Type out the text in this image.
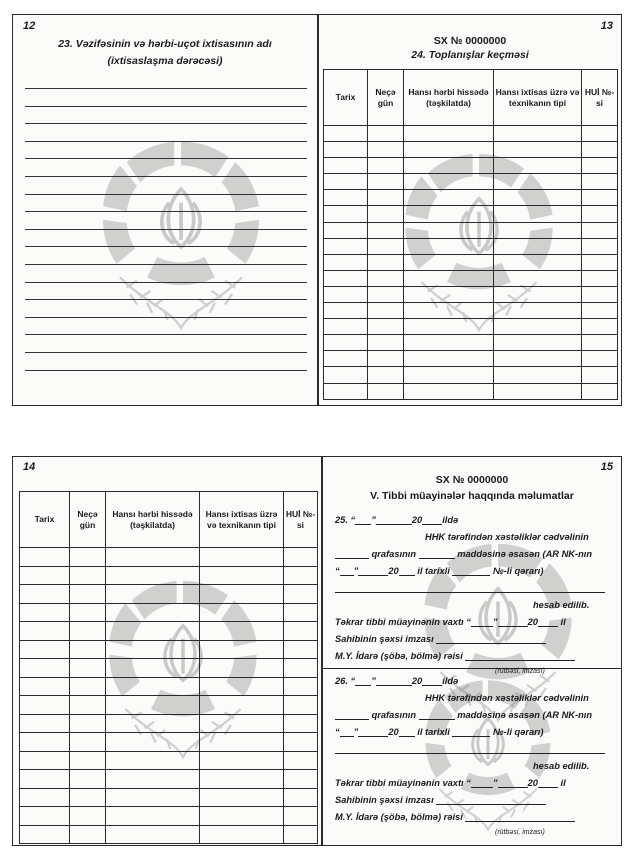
12
23. Vəzifəsinin və hərbi-uçot ixtisasının adı
(ixtisaslaşma dərəcəsi)
13
SX № 0000000
24. Toplanışlar keçməsi
Tarix	Neçə gün	Hansı hərbi hissədə (təşkilatda)	Hansı ixtisas üzrə və texnikanın tipi	HUİ №-si

14
Tarix	Neçə gün	Hansı hərbi hissədə (təşkilatda)	Hansı ixtisas üzrə və texnikanın tipi	HUİ №-si

15
SX № 0000000
V. Tibbi müayinələr haqqında məlumatlar
25. “ ”	20 ildə
HHK tərəfindən xəstəliklər cədvəlinin
qrafasının	maddəsinə əsasən (AR NK-nın
“ ”	20 il tarixli	№-li qərarı)
hesab edilib.
Təkrar tibbi müayinənin vaxtı “ ”	20 il
Sahibinin şəxsi imzası
M.Y. İdarə (şöbə, bölmə) rəisi
(rütbəsi, imzası)
26. “ ”	20 ildə
HHK tərəfindən xəstəliklər cədvəlinin
qrafasının	maddəsinə əsasən (AR NK-nın
“ ”	20 il tarixli	№-li qərarı)
hesab edilib.
Təkrar tibbi müayinənin vaxtı “ ”	20 il
Sahibinin şəxsi imzası
M.Y. İdarə (şöbə, bölmə) rəisi
(rütbəsi, imzası)
